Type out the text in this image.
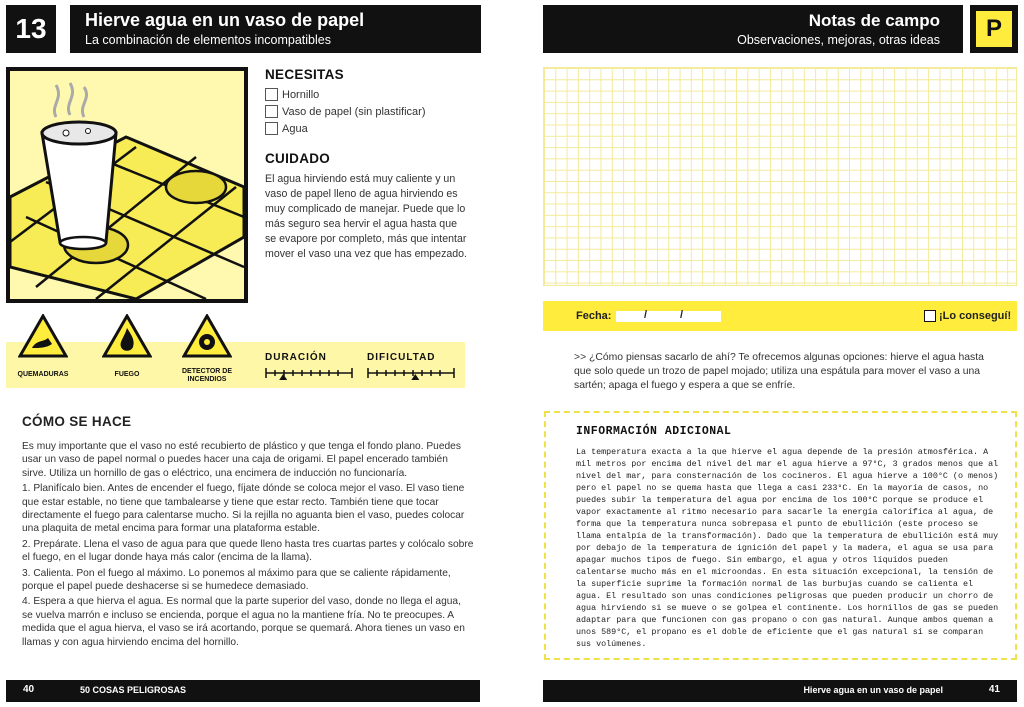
13	Hierve agua en un vaso de papel
La combinación de elementos incompatibles
NECESITAS
Hornillo
Vaso de papel (sin plastificar)
Agua
CUIDADO
El agua hirviendo está muy caliente y un vaso de papel lleno de agua hirviendo es muy complicado de manejar. Puede que lo más seguro sea hervir el agua hasta que se evapore por completo, más que intentar mover el vaso una vez que has empezado.
QUEMADURAS	FUEGO	DETECTOR DE INCENDIOS
DURACIÓN	DIFICULTAD
CÓMO SE HACE

Es muy importante que el vaso no esté recubierto de plástico y que tenga el fondo plano. Puedes usar un vaso de papel normal o puedes hacer una caja de origami. El papel encerado también sirve. Utiliza un hornillo de gas o eléctrico, una encimera de inducción no funcionaría.

1. Planifícalo bien. Antes de encender el fuego, fíjate dónde se coloca mejor el vaso. El vaso tiene que estar estable, no tiene que tambalearse y tiene que estar recto. También tiene que tocar directamente el fuego para calentarse mucho. Si la rejilla no aguanta bien el vaso, puedes colocar una plaquita de metal encima para formar una plataforma estable.

2. Prepárate. Llena el vaso de agua para que quede lleno hasta tres cuartas partes y colócalo sobre el fuego, en el lugar donde haya más calor (encima de la llama).

3. Calienta. Pon el fuego al máximo. Lo ponemos al máximo para que se caliente rápidamente, porque el papel puede deshacerse si se humedece demasiado.

4. Espera a que hierva el agua. Es normal que la parte superior del vaso, donde no llega el agua, se vuelva marrón e incluso se encienda, porque el agua no la mantiene fría. No te preocupes. A medida que el agua hierva, el vaso se irá acortando, porque se quemará. Ahora tienes un vaso en llamas y con agua hirviendo encima del hornillo.

40	50 COSAS PELIGROSAS
Notas de campo
Observaciones, mejoras, otras ideas	P
Fecha:	/	/	¡Lo conseguí!
>> ¿Cómo piensas sacarlo de ahí? Te ofrecemos algunas opciones: hierve el agua hasta que solo quede un trozo de papel mojado; utiliza una espátula para mover el vaso a una sartén; apaga el fuego y espera a que se enfríe.
INFORMACIÓN ADICIONAL
La temperatura exacta a la que hierve el agua depende de la presión atmosférica. A mil metros por encima del nivel del mar el agua hierve a 97°C, 3 grados menos que al nivel del mar, para consternación de los cocineros. El agua hierve a 100°C (o menos) pero el papel no se quema hasta que llega a casi 233°C. En la mayoría de casos, no puedes subir la temperatura del agua por encima de los 100°C porque se produce el vapor exactamente al ritmo necesario para sacarle la energía calorífica al agua, de forma que la temperatura nunca sobrepasa el punto de ebullición (este proceso se llama entalpía de la transformación). Dado que la temperatura de ebullición está muy por debajo de la temperatura de ignición del papel y la madera, el agua se usa para apagar muchos tipos de fuego. Sin embargo, el agua y otros líquidos pueden calentarse mucho más en el microondas. En esta situación excepcional, la tensión de la superficie suprime la formación normal de las burbujas cuando se calienta el agua. El resultado son unas condiciones peligrosas que pueden producir un chorro de agua hirviendo si se mueve o se golpea el continente. Los hornillos de gas se pueden adaptar para que funcionen con gas propano o con gas natural. Aunque ambos queman a unos 589°C, el propano es el doble de eficiente que el gas natural si se comparan sus volúmenes.
Hierve agua en un vaso de papel	41
